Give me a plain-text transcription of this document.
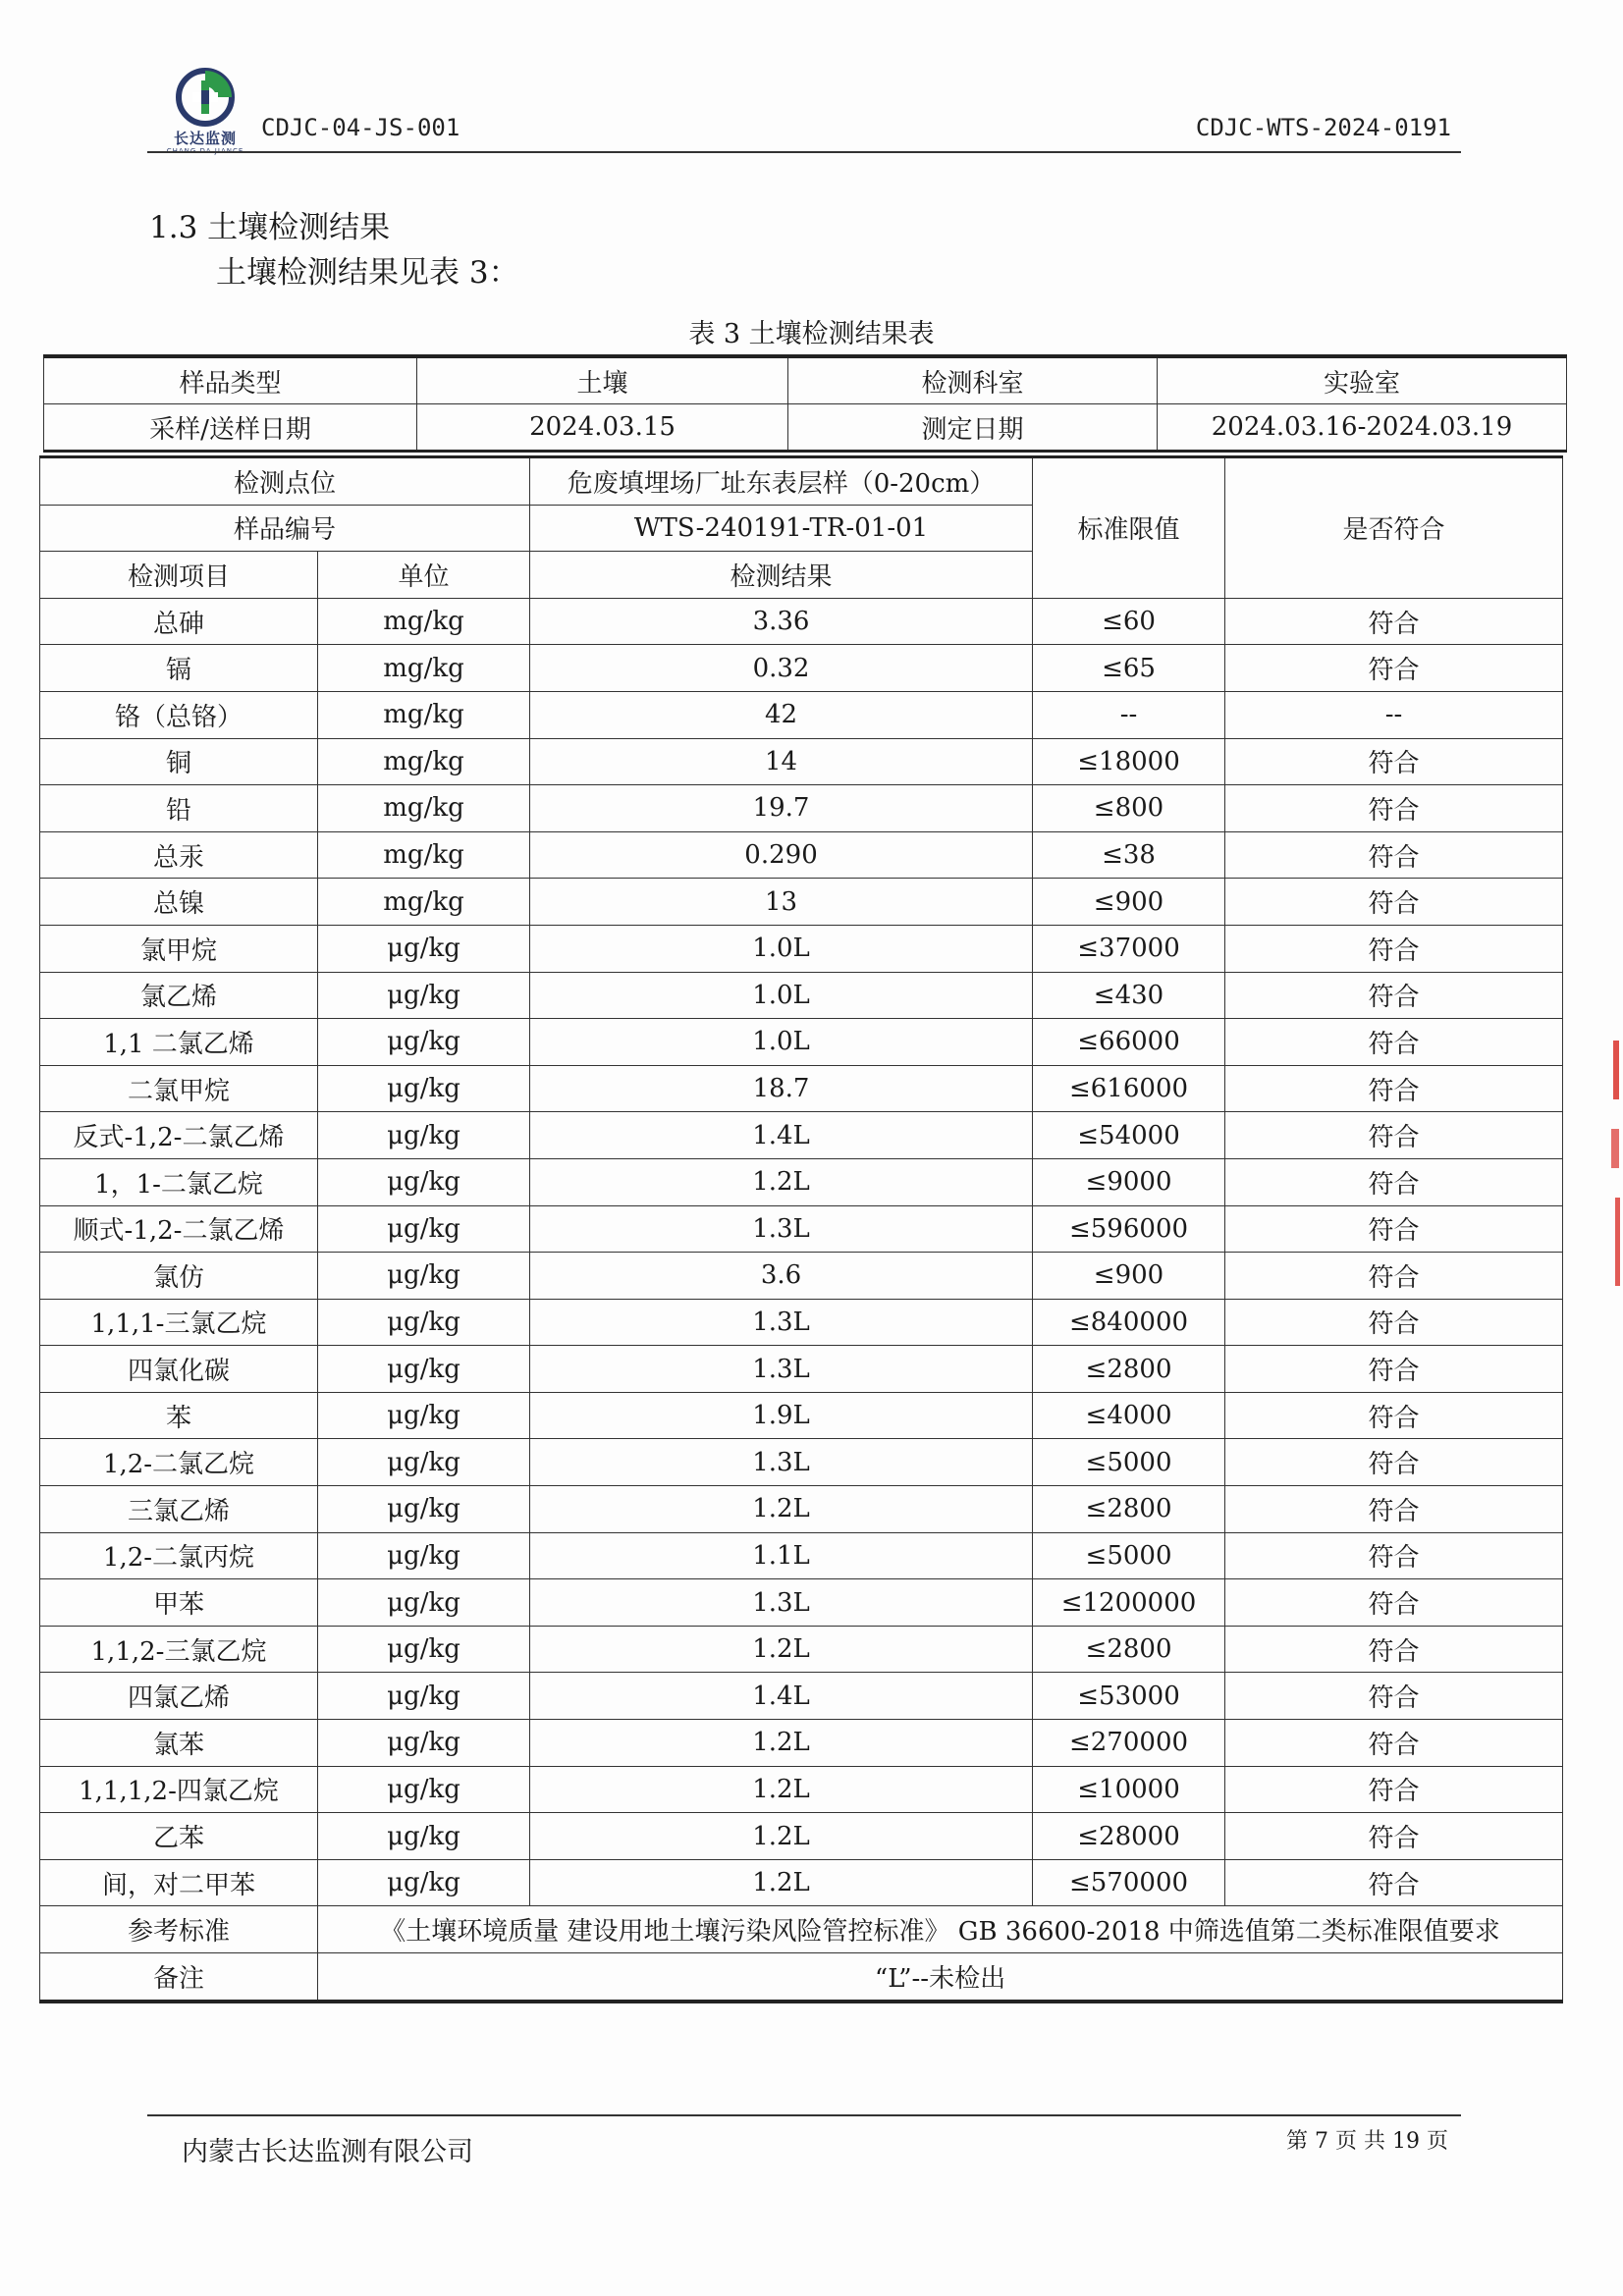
长达监测
CHANG DA JIANCE
CDJC-04-JS-001	CDJC-WTS-2024-0191
1.3 土壤检测结果
土壤检测结果见表 3：
表 3 土壤检测结果表
样品类型	土壤	检测科室	实验室
采样/送样日期	2024.03.15	测定日期	2024.03.16-2024.03.19
检测点位		危废填埋场厂址东表层样（0-20cm）	标准限值	是否符合
样品编号		WTS-240191-TR-01-01		
检测项目	单位	检测结果		
总砷	mg/kg	3.36	≤60	符合
镉	mg/kg	0.32	≤65	符合
铬（总铬）	mg/kg	42	--	--
铜	mg/kg	14	≤18000	符合
铅	mg/kg	19.7	≤800	符合
总汞	mg/kg	0.290	≤38	符合
总镍	mg/kg	13	≤900	符合
氯甲烷	μg/kg	1.0L	≤37000	符合
氯乙烯	μg/kg	1.0L	≤430	符合
1,1 二氯乙烯	μg/kg	1.0L	≤66000	符合
二氯甲烷	μg/kg	18.7	≤616000	符合
反式-1,2-二氯乙烯	μg/kg	1.4L	≤54000	符合
1，1-二氯乙烷	μg/kg	1.2L	≤9000	符合
顺式-1,2-二氯乙烯	μg/kg	1.3L	≤596000	符合
氯仿	μg/kg	3.6	≤900	符合
1,1,1-三氯乙烷	μg/kg	1.3L	≤840000	符合
四氯化碳	μg/kg	1.3L	≤2800	符合
苯	μg/kg	1.9L	≤4000	符合
1,2-二氯乙烷	μg/kg	1.3L	≤5000	符合
三氯乙烯	μg/kg	1.2L	≤2800	符合
1,2-二氯丙烷	μg/kg	1.1L	≤5000	符合
甲苯	μg/kg	1.3L	≤1200000	符合
1,1,2-三氯乙烷	μg/kg	1.2L	≤2800	符合
四氯乙烯	μg/kg	1.4L	≤53000	符合
氯苯	μg/kg	1.2L	≤270000	符合
1,1,1,2-四氯乙烷	μg/kg	1.2L	≤10000	符合
乙苯	μg/kg	1.2L	≤28000	符合
间，对二甲苯	μg/kg	1.2L	≤570000	符合
参考标准	《土壤环境质量 建设用地土壤污染风险管控标准》 GB 36600-2018 中筛选值第二类标准限值要求			
备注	“L”--未检出			
内蒙古长达监测有限公司	第 7 页 共 19 页
